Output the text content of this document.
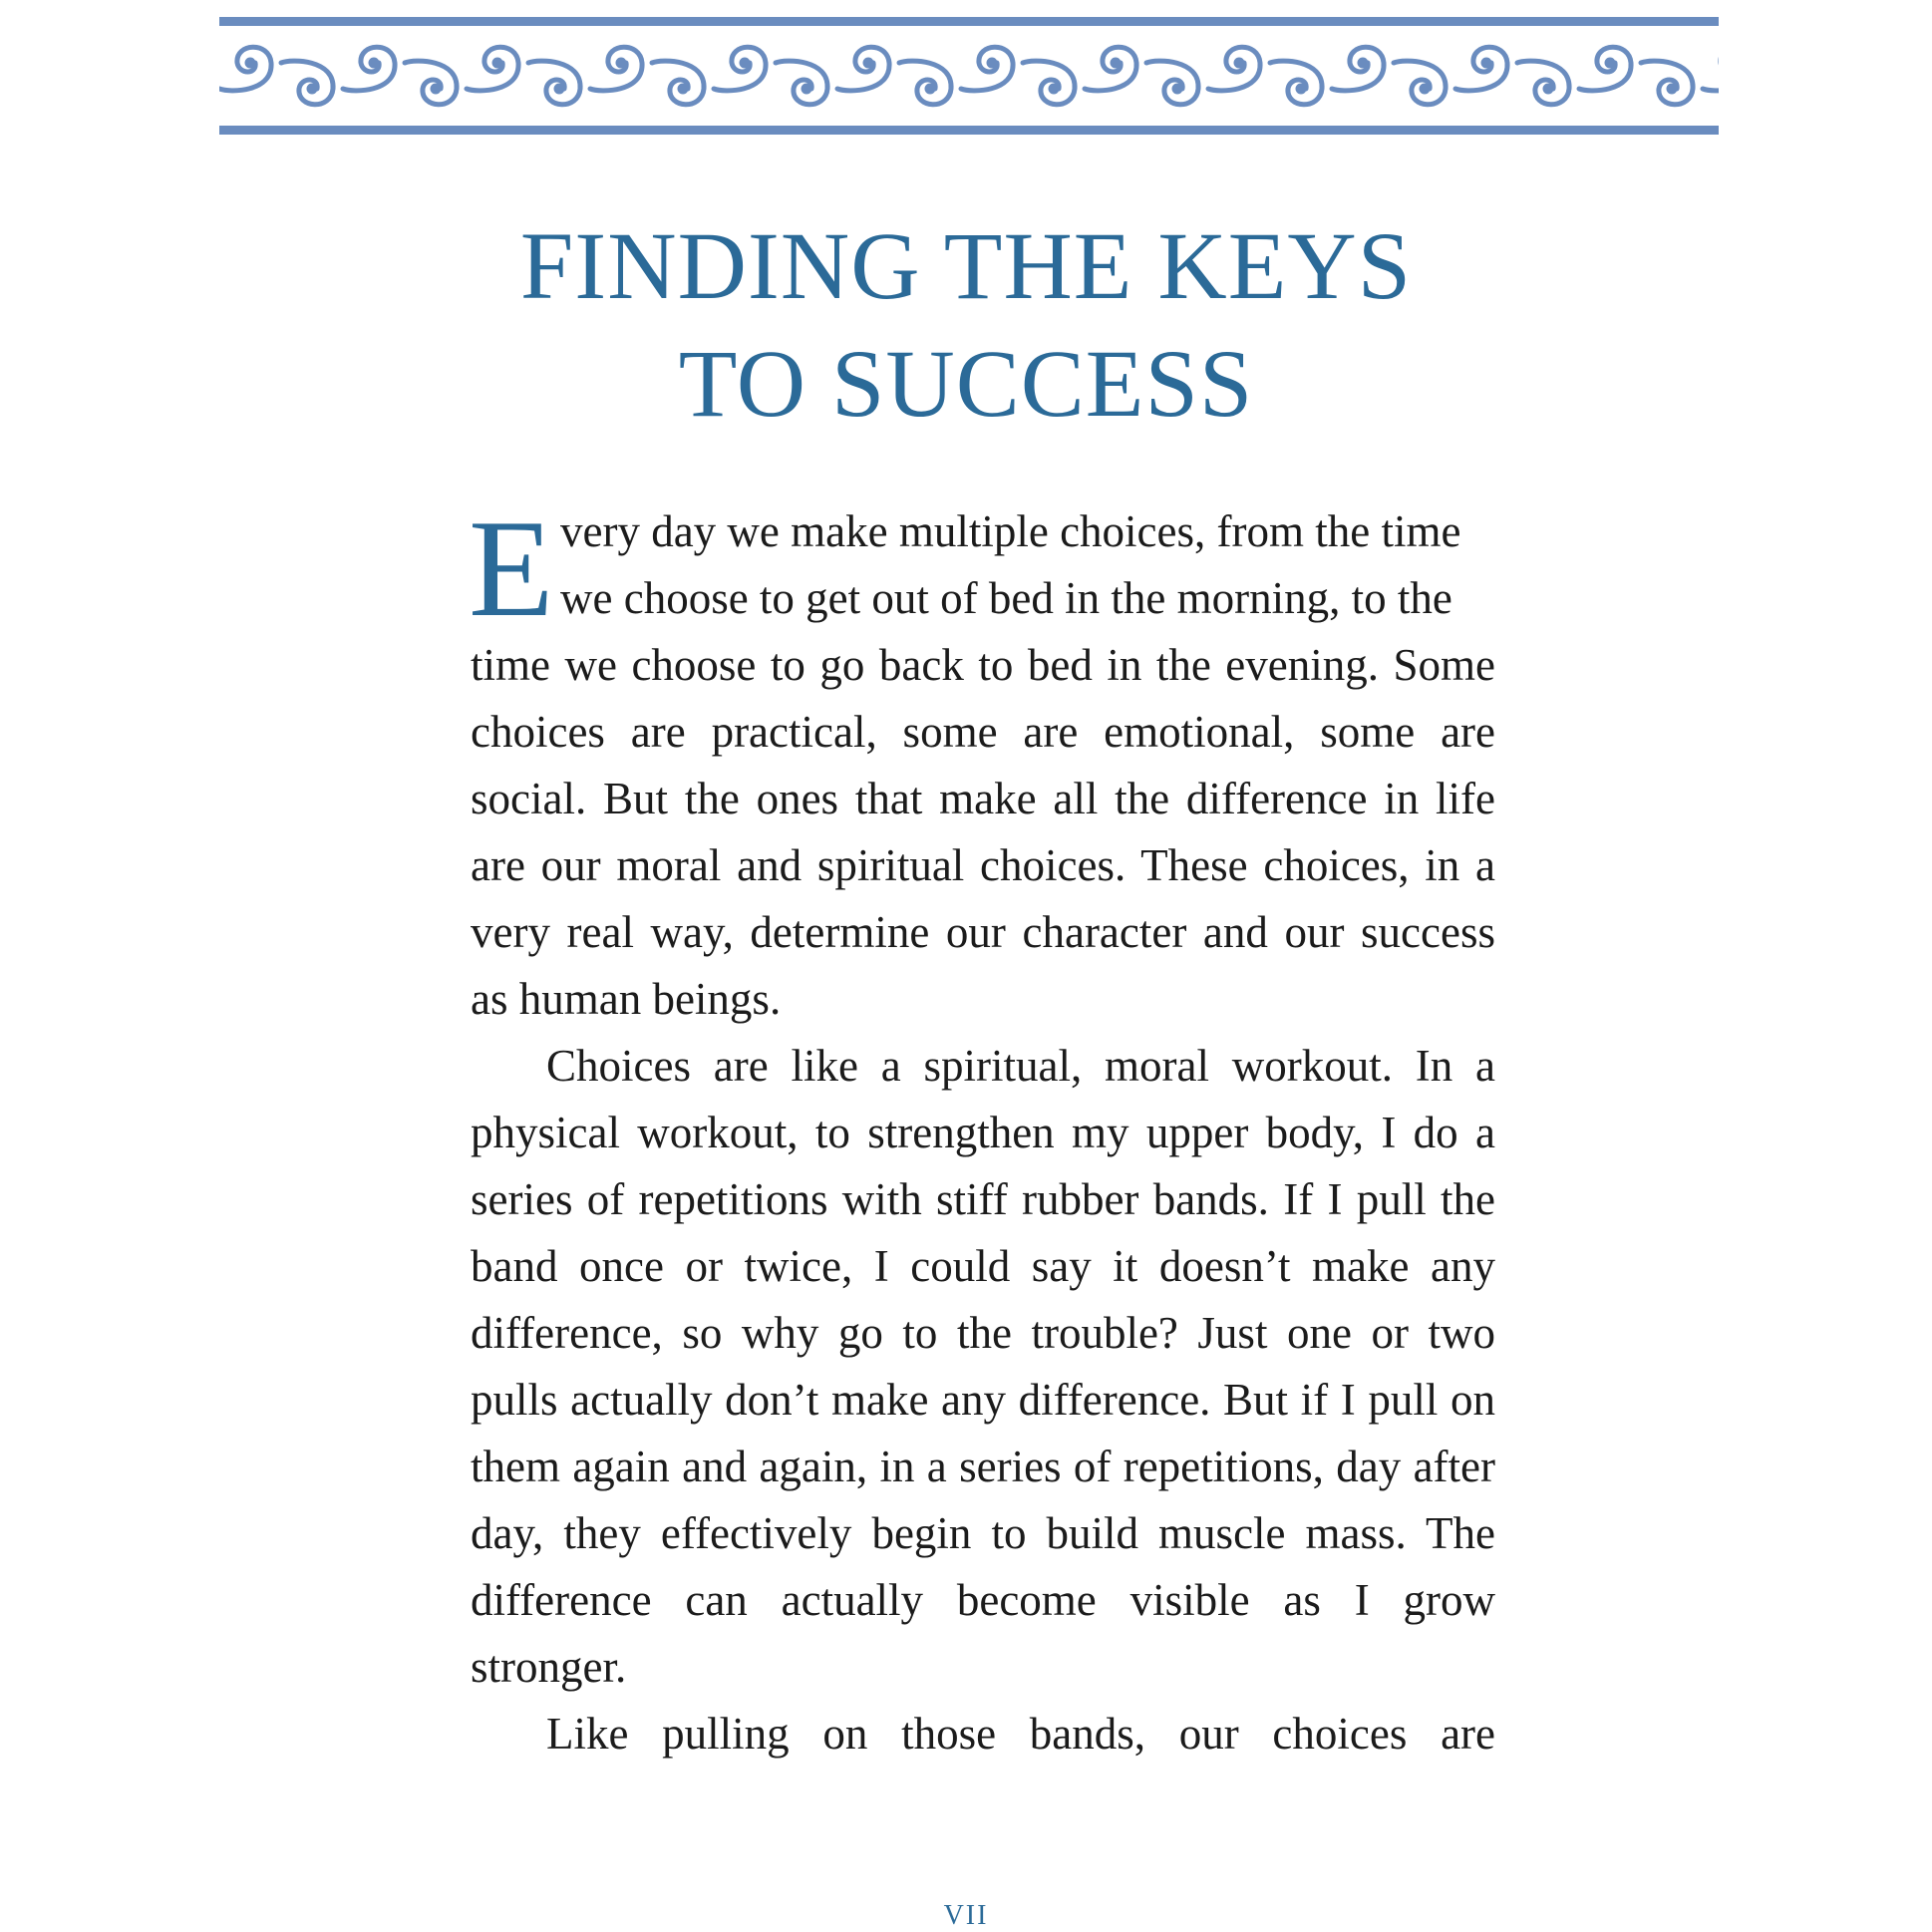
FINDING THE KEYS
TO SUCCESS
E very day we make multiple choices, from the time
we choose to get out of bed in the morning, to the
time we choose to go back to bed in the evening. Some choices are practical, some are emotional, some are social. But the ones that make all the difference in life are our moral and spiritual choices. These choices, in a very real way, determine our character and our success as human beings.

Choices are like a spiritual, moral workout. In a physical workout, to strengthen my upper body, I do a series of repetitions with stiff rubber bands. If I pull the band once or twice, I could say it doesn’t make any difference, so why go to the trouble? Just one or two pulls actually don’t make any difference. But if I pull on them again and again, in a series of repetitions, day after day, they effectively begin to build muscle mass. The difference can actually become visible as I grow stronger.

Like pulling on those bands, our choices are

VII
